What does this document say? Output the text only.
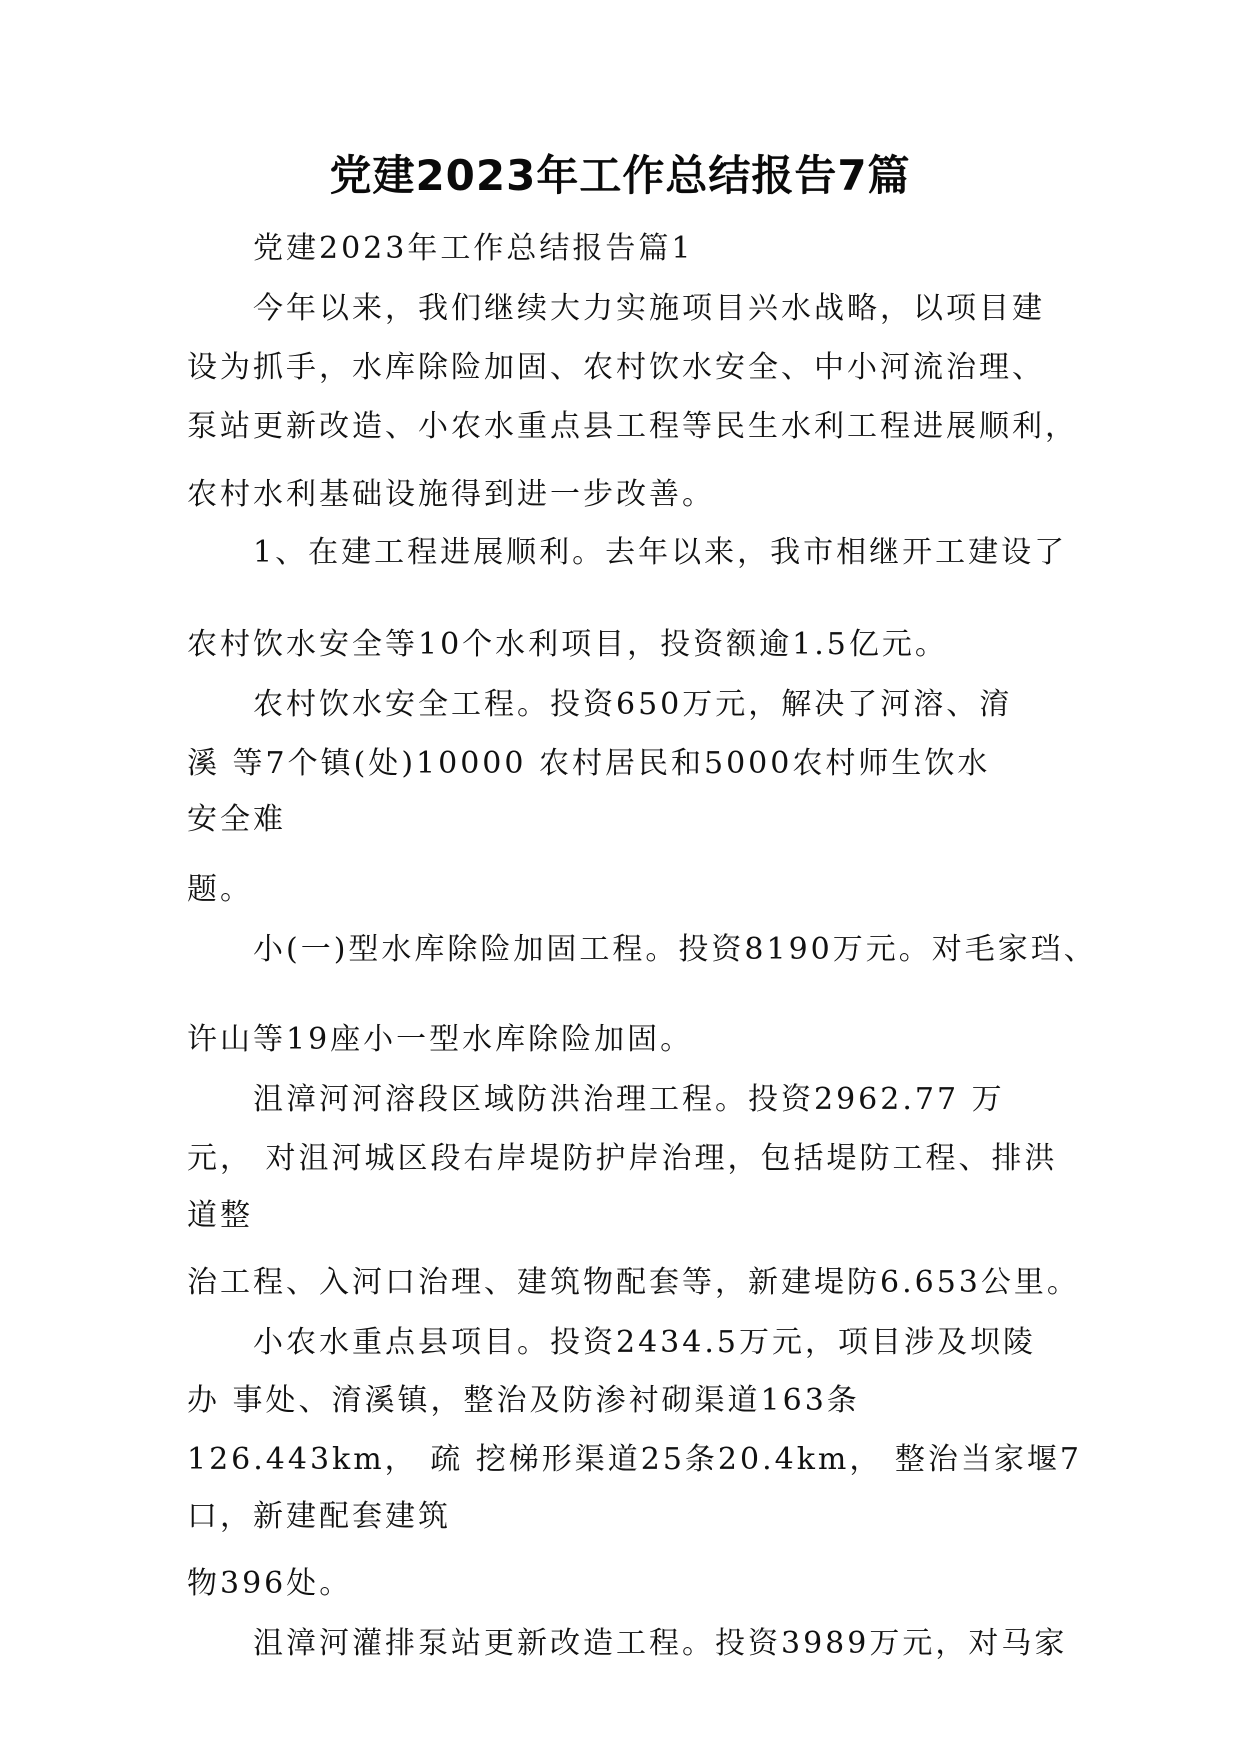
党建2023年工作总结报告7篇
党建2023年工作总结报告篇1
今年以来，我们继续大力实施项目兴水战略，以项目建
设为抓手，水库除险加固、农村饮水安全、中小河流治理、
泵站更新改造、小农水重点县工程等民生水利工程进展顺利，
农村水利基础设施得到进一步改善。
1、在建工程进展顺利。去年以来，我市相继开工建设了
农村饮水安全等10个水利项目，投资额逾1.5亿元。
农村饮水安全工程。投资650万元，解决了河溶、淯
溪 等7个镇(处)10000 农村居民和5000农村师生饮水
安全难
题。
小(一)型水库除险加固工程。投资8190万元。对毛家珰、
许山等19座小一型水库除险加固。
沮漳河河溶段区域防洪治理工程。投资2962.77 万
元， 对沮河城区段右岸堤防护岸治理，包括堤防工程、排洪
道整
治工程、入河口治理、建筑物配套等，新建堤防6.653公里。
小农水重点县项目。投资2434.5万元，项目涉及坝陵
办 事处、淯溪镇，整治及防渗衬砌渠道163条
126.443km， 疏 挖梯形渠道25条20.4km， 整治当家堰7
口，新建配套建筑
物396处。
沮漳河灌排泵站更新改造工程。投资3989万元，对马家
